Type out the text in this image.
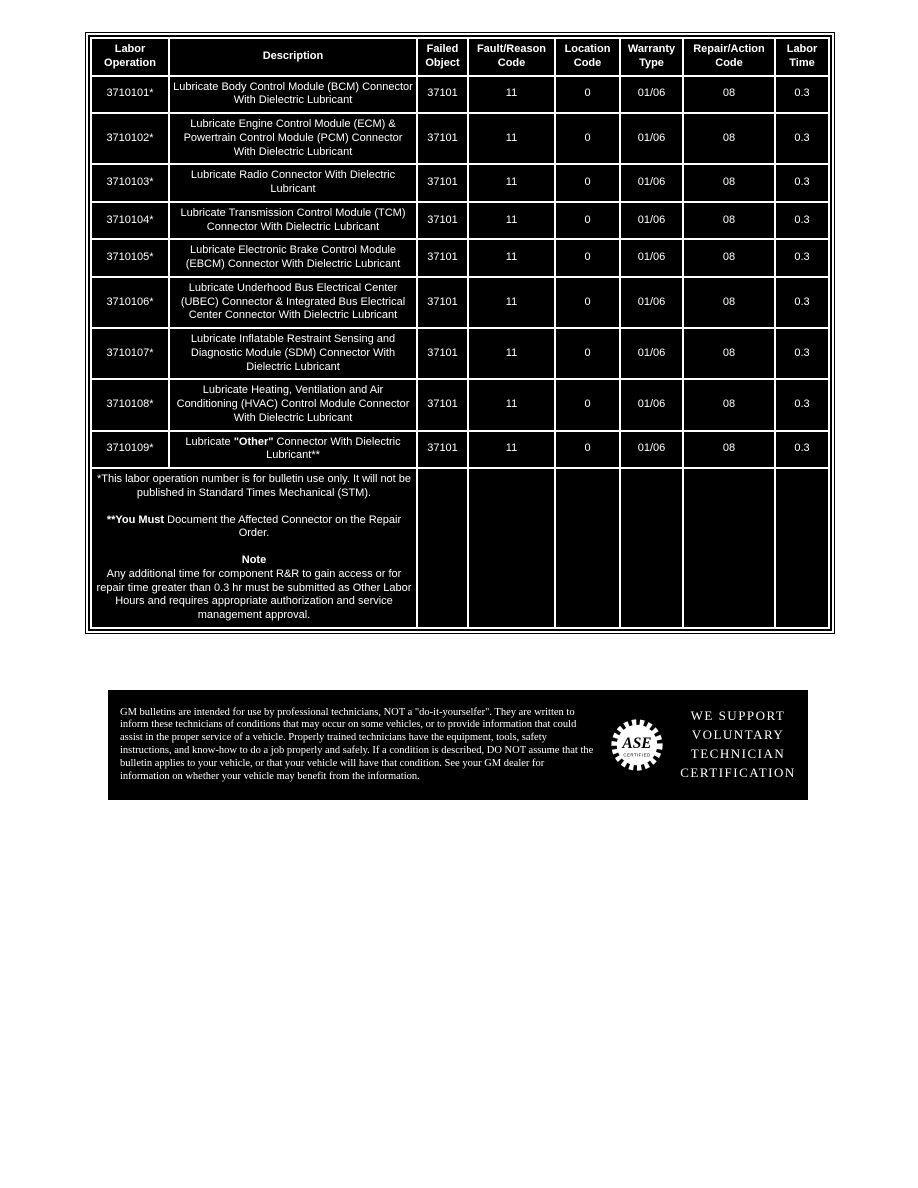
Labor Operation	Description	Failed Object	Fault/Reason Code	Location Code	Warranty Type	Repair/Action Code	Labor Time
3710101*	Lubricate Body Control Module (BCM) Connector With Dielectric Lubricant	37101	11	0	01/06	08	0.3
3710102*	Lubricate Engine Control Module (ECM) & Powertrain Control Module (PCM) Connector With Dielectric Lubricant	37101	11	0	01/06	08	0.3
3710103*	Lubricate Radio Connector With Dielectric Lubricant	37101	11	0	01/06	08	0.3
3710104*	Lubricate Transmission Control Module (TCM) Connector With Dielectric Lubricant	37101	11	0	01/06	08	0.3
3710105*	Lubricate Electronic Brake Control Module (EBCM) Connector With Dielectric Lubricant	37101	11	0	01/06	08	0.3
3710106*	Lubricate Underhood Bus Electrical Center (UBEC) Connector & Integrated Bus Electrical Center Connector With Dielectric Lubricant	37101	11	0	01/06	08	0.3
3710107*	Lubricate Inflatable Restraint Sensing and Diagnostic Module (SDM) Connector With Dielectric Lubricant	37101	11	0	01/06	08	0.3
3710108*	Lubricate Heating, Ventilation and Air Conditioning (HVAC) Control Module Connector With Dielectric Lubricant	37101	11	0	01/06	08	0.3
3710109*	Lubricate "Other" Connector With Dielectric Lubricant**	37101	11	0	01/06	08	0.3

*This labor operation number is for bulletin use only. It will not be published in Standard Times Mechanical (STM).
**You Must Document the Affected Connector on the Repair Order.
Note
Any additional time for component R&R to gain access or for repair time greater than 0.3 hr must be submitted as Other Labor Hours and requires appropriate authorization and service management approval.							

GM bulletins are intended for use by professional technicians, NOT a "do-it-yourselfer". They are written to inform these technicians of conditions that may occur on some vehicles, or to provide information that could assist in the proper service of a vehicle. Properly trained technicians have the equipment, tools, safety instructions, and know-how to do a job properly and safely. If a condition is described, DO NOT assume that the bulletin applies to your vehicle, or that your vehicle will have that condition. See your GM dealer for information on whether your vehicle may benefit from the information.
ASE
CERTIFIED
WE SUPPORT
VOLUNTARY
TECHNICIAN
CERTIFICATION
